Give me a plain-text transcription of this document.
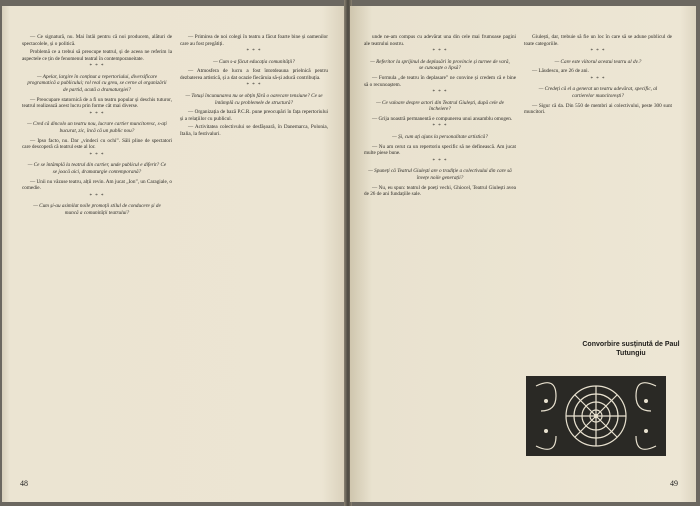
— Ce signatură, nu. Mai întâi pentru că noi producem, alături de spectacolele, și o politică.

Problemă ce a trebui să preocupe teatrul, și de aceea ne referim la aspectele ce țin de fenomenul teatral în contemporaneitate.

* * *

— Apelar, largire în conținut a repertoriului, diversificare programatică a publicului; rol real cu greu, se cerne al organizării de partid, acută a dramaturgiei?

— Preocupare statornică de a fi un teatru popular și deschis tuturor, teatrul realizează acest lucru prin forme cât mai diverse.

* * *

— Cred că dincolo un teatru nou, lucrare cartier muncitoresc, s-ați bucurat, zic, încă că un public nou?

— Ipso facto, nu. Dar „vindeci cu ochi”. Săli pline de spectatori care descoperă că teatrul este al lor.

* * *

— Ce se întâmplă la teatrul din cartier, unde publicul e diferit? Ce se joacă aici, dramaturgie contemporană?

— Unii nu văzuse teatru, alții revin. Am jucat „Ion”, un Caragiale, o comedie.

* * *

— Cum și-au asimilat noile promoții stilul de conducere și de muncă a comunității teatrului?

— Primirea de noi colegi în teatru a făcut foarte bine și oamenilor care au fost pregătiți.

* * *

— Cum s-a făcut educația comunității?

— Atmosfera de lucru a fost întotdeauna prielnică pentru dezbaterea artistică, și a dat ocazie fiecăruia să-și aducă contribuția.

* * *

— Totuși încununarea nu se obțin fără o oarecare tensiune? Ce se întâmplă cu problemele de structură?

— Organizația de bază P.C.R. pune preocupări în fața repertoriului și a relațiilor cu publicul.

— Activitatea colectivului se desfășoară, în Danemarca, Polonia, Italia, la festivaluri.

48

unde ne-am compus cu adevărat una din cele mai frumoase pagini ale teatrului nostru.

* * *

— Referitor la sprijinul de deplasări în provincie și turnee de vară, se cunoaște o lipsă?

— Formula „de teatru în deplasare” ne convine și credem că e bine să o recunoaștem.

* * *

— Ce valoare despre actori din Teatrul Giulești, după cele de încheiere?

— Grija noastră permanentă e compunerea unui ansamblu omogen.

* * *

— Și, cum ați ajuns la personalitate artistică?

— Nu am cerut ca un repertoriu specific să ne definească. Am jucat multe piese bune.

* * *

— Spuneți că Teatrul Giulești are o tradiție a colectivului din care să învețe noile generații?

— Nu, eu spun: teatrul de poeți vechi, Ghiocel, Teatrul Giulești avea de 26 de ani fundațiile sale.

Giulești, dar, trebuie să fie un loc în care să se adune publicul de toate categoriile.

* * *

— Care este viitorul acestui teatru al dv.?

— Lăudescu, are 26 de ani.

* * *

— Credeți că el a generat un teatru adevărat, specific, al cartierelor muncitorești?

— Sigur că da. Din 550 de membri ai colectivului, peste 300 sunt muncitori.

Convorbire susținută de Paul Tutungiu
49
